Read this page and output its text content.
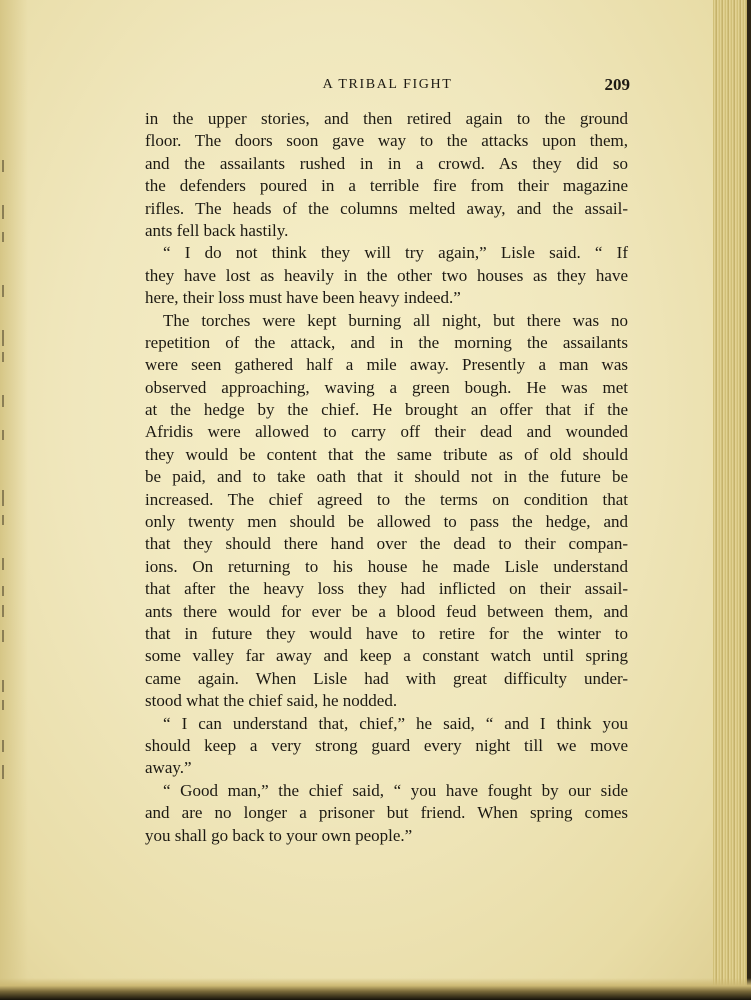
A TRIBAL FIGHT	209
in the upper stories, and then retired again to the ground
floor. The doors soon gave way to the attacks upon them,
and the assailants rushed in in a crowd. As they did so
the defenders poured in a terrible fire from their magazine
rifles. The heads of the columns melted away, and the assail-
ants fell back hastily.
“ I do not think they will try again,” Lisle said. “ If
they have lost as heavily in the other two houses as they have
here, their loss must have been heavy indeed.”
The torches were kept burning all night, but there was no
repetition of the attack, and in the morning the assailants
were seen gathered half a mile away. Presently a man was
observed approaching, waving a green bough. He was met
at the hedge by the chief. He brought an offer that if the
Afridis were allowed to carry off their dead and wounded
they would be content that the same tribute as of old should
be paid, and to take oath that it should not in the future be
increased. The chief agreed to the terms on condition that
only twenty men should be allowed to pass the hedge, and
that they should there hand over the dead to their compan-
ions. On returning to his house he made Lisle understand
that after the heavy loss they had inflicted on their assail-
ants there would for ever be a blood feud between them, and
that in future they would have to retire for the winter to
some valley far away and keep a constant watch until spring
came again. When Lisle had with great difficulty under-
stood what the chief said, he nodded.
“ I can understand that, chief,” he said, “ and I think you
should keep a very strong guard every night till we move
away.”
“ Good man,” the chief said, “ you have fought by our side
and are no longer a prisoner but friend. When spring comes
you shall go back to your own people.”
